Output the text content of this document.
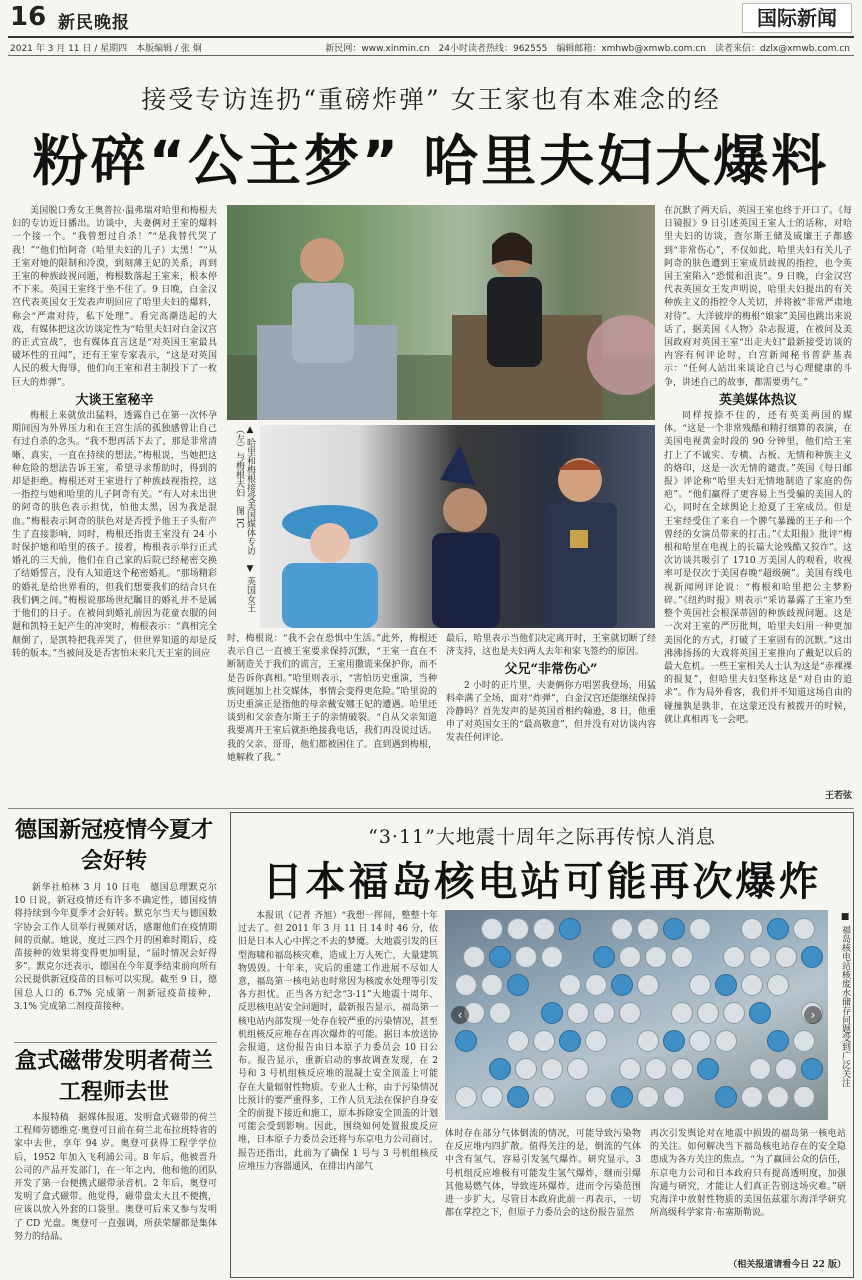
16 新民晚报	国际新闻
2021 年 3 月 11 日 / 星期四　本版编辑 / 张 炯	新民网：www.xinmin.cn　24小时读者热线：962555　编辑邮箱：xmhwb@xmwb.com.cn　读者来信：dzlx@xmwb.com.cn
接受专访连扔“重磅炸弹” 女王家也有本难念的经
粉碎“公主梦” 哈里夫妇大爆料

美国脱口秀女王奥普拉·温弗瑞对哈里和梅根夫妇的专访近日播出。访谈中，夫妻俩对王室的爆料一个接一个。“我曾想过自杀！”“是我替代哭了我！”“他们怕阿奇（哈里夫妇的儿子）太黑！”“从王室对她的限制和冷漠，到刻薄王妃的关系，再到王室的种族歧视问题，梅根数落起王室来，根本停不下来。英国王室终于坐不住了。9 日晚，白金汉宫代表英国女王发表声明回应了哈里夫妇的爆料，称会“严肃对待，私下处理”。看完高潮迭起的大戏，有媒体把这次访谈定性为“哈里夫妇对白金汉宫的正式宣战”，也有媒体直言这是“对英国王室最具破坏性的丑闻”，还有王室专家表示，“这是对英国人民的极大侮辱，他们向王室和君主制投下了一枚巨大的炸弹”。

大谈王室秘辛

梅根上来就放出猛料，透露自己在第一次怀孕期间因为外界压力和在王宫生活的孤独感曾让自己有过自杀的念头。“我不想再活下去了，那是非常清晰、真实，一直在持续的想法。”梅根说，当她把这种危险的想法告诉王室，希望寻求帮助时，得到的却是拒绝。梅根还对王室进行了种族歧视指控，这一指控与她和哈里的儿子阿奇有关。“有人对未出世的阿奇的肤色表示担忧，怕他太黑，因为我是混血。”梅根表示阿奇的肤色对是否授予他王子头衔产生了直接影响，同时，梅根还指责王室没有 24 小时保护她和哈里的孩子。接着，梅根表示举行正式婚礼的三天前，他们在自己家的后院已经秘密交换了结婚誓言，没有人知道这个秘密婚礼。“那场精彩的婚礼是给世界看的，但我们想要我们的结合只在我们俩之间。”梅根说那场世纪瞩目的婚礼并不是属于他们的日子。在被问到婚礼前因为花童衣服的问题和凯特王妃产生的冲突时，梅根表示：“真相完全颠倒了，是凯特把我弄哭了，但世界知道的却是反转的版本。”当被问及是否害怕未来几天王室的回应

▲ 哈里和梅根接受美国媒体专访　▼ 英国女王（左）与梅根夫妇　图 IC

时，梅根说：“我不会在恐惧中生活。”此外，梅根还表示自己一直被王室要求保持沉默，“王室一直在不断制造关于我们的谎言，王室用撒谎来保护你，而不是告诉你真相。”哈里则表示，“害怕历史重演，当种族问题加上社交媒体，事情会变得更危险。”哈里说的历史重演正是指他的母亲戴安娜王妃的遭遇。哈里还谈到和父亲查尔斯王子的亲情破裂。“自从父亲知道我要离开王室后就拒绝接我电话，我们再没说过话。我的父亲、哥哥，他们都被困住了。直到遇到梅根，她解救了我。”

最后，哈里表示当他们决定离开时，王室就切断了经济支持，这也是夫妇两人去年和家飞签约的原因。

父兄“非常伤心”

2 小时的正片里，夫妻俩你方唱罢我登场，用猛料牵满了全场，面对“炸弹”，白金汉宫还能继续保持冷静吗？首先发声的是英国首相约翰逊，8 日，他重申了对英国女王的“最高敬意”，但并没有对访谈内容发表任何评论。

在沉默了两天后，英国王室也终于开口了。《每日镜报》9 日引述英国王室人士的话称，对哈里夫妇的访谈，查尔斯王储及威廉王子都感到“非常伤心”，不仅如此，哈里夫妇有关儿子阿奇的肤色遭到王室成员歧视的指控，也令英国王室陷入“恐慌和沮丧”。9 日晚，白金汉宫代表英国女王发声明说，哈里夫妇提出的有关种族主义的指控令人关切，并将被“非常严肃地对待”。大洋彼岸的梅根“娘家”美国也跳出来说话了，据美国《人物》杂志报道，在被问及美国政府对英国王室“出走夫妇”最新接受访谈的内容有何评论时，白宫新闻秘书普萨基表示：“任何人站出来谈论自己与心理健康的斗争，讲述自己的故事，都需要勇气。”

英美媒体热议

同样按捺不住的，还有英美两国的媒体。“这是一个非常残酷和精打细算的表演，在美国电视黄金时段的 90 分钟里，他们给王室打上了不诚实、专横、古板、无情和种族主义的烙印，这是一次无情的谴责。”英国《每日邮报》评论称“哈里夫妇无情地制造了家庭的伤疤”。“他们赢得了更容易上当受骗的美国人的心，同时在全球舆论上抢夏了王室成员。但是王室经受住了来自一个脾气暴躁的王子和一个曾经的女演员带来的打击。”《太阳报》批评“梅根和哈里在电视上的长篇大论残酷又狡诈”。这次访谈共吸引了 1710 万美国人的观看，收视率可是仅次于美国春晚“超级碗”。美国有线电视新闻网评论说：“梅根和哈里把公主梦粉碎。”《纽约时报》则表示“采访暴露了王室乃至整个英国社会根深蒂固的种族歧视问题。这是一次对王室的严厉批判，哈里夫妇用一种更加美国化的方式，打破了王室固有的沉默。”这出沸沸扬扬的大戏将英国王室推向了戴妃以后的最大危机。一些王室相关人士认为这是“赤裸裸的报复”，但哈里夫妇坚称这是“对自由的追求”。作为局外看客，我们并不知道这场自由的碰撞孰是孰非，在这蒙还没有被拨开的时候，就让真相再飞一会吧。

王若弦
德国新冠疫情今夏才会好转

新华社柏林 3 月 10 日电　德国总理默克尔 10 日说，新冠疫情还有许多不确定性，德国疫情将持续到今年夏季才会好转。默克尔当天与德国数字协会工作人员举行视频对话，感谢他们在疫情期间的贡献。她说，度过三四个月的困难时期后，疫苗接种的效果将变得更加明显，“届时情况会好得多”。默克尔还表示，德国在今年夏季结束前向所有公民提供新冠疫苗的目标可以实现。截至 9 日，德国总人口的 6.7% 完成第一剂新冠疫苗接种，3.1% 完成第二剂疫苗接种。

盒式磁带发明者荷兰工程师去世

本报特稿　据媒体报道，发明盒式磁带的荷兰工程师劳德维克·奥登可日前在荷兰北布拉班特省的家中去世，享年 94 岁。奥登可获得工程学学位后，1952 年加入飞利浦公司。8 年后，他被晋升公司的产品开发部门，在一年之内，他和他的团队开发了第一台便携式磁带录音机。2 年后，奥登可发明了盒式磁带。他觉得，磁带盘太大且不便携，应该以放入外套的口袋里。奥登可后来又参与发明了 CD 光盘。奥登可一直强调，所获荣耀都是集体努力的结晶。

“3·11”大地震十周年之际再传惊人消息
日本福岛核电站可能再次爆炸

本报讯（记者 齐旭）“我想一挥间，整整十年过去了。但 2011 年 3 月 11 日 14 时 46 分，依旧是日本人心中挥之不去的梦魇。大地震引发的巨型海啸和福岛核灾难，造成上万人死亡，大量建筑物毁毁。十年来，灾后的重建工作进展不尽如人意，福岛第一核电站也时常因为核废水处理等引发各方担忧。正当各方纪念“3·11”大地震十周年、反思核电站安全问题时，最新报告显示，福岛第一核电站内部发现一处存在较严重的污染情况，甚至机组核反应堆存在再次爆炸的可能。据日本放送协会报道，这份报告由日本原子力委员会 10 日公布。报告显示，重新启动的事故调查发现，在 2 号和 3 号机组核反应堆的混凝土安全顶盖上可能存在大量辐射性物质。专业人士称，由于污染情况比预计的要严重得多，工作人员无法在保护自身安全的前提下接近和施工，原本拆除安全顶盖的计划可能会受到影响。因此，围绕如何处置报废反应堆，日本原子力委员会还将与东京电力公司商讨。报告还指出，此前为了确保 1 号与 3 号机组核反应堆压力容器通风，在排出内部气

‹	›	■ 福岛核电站核废水储存问题受到广泛关注

体时存在部分气体倒流的情况，可能导致污染物在反应堆内四扩散。值得关注的是，倒流的气体中含有氢气，容易引发氢气爆炸。研究显示，3 号机组反应堆极有可能发生氢气爆炸，继而引爆其他易燃气体，导致连环爆炸，进而令污染范围进一步扩大。尽管日本政府此前一再表示，一切都在掌控之下，但原子力委员会的这份报告显然

再次引发舆论对在地震中损毁的福岛第一核电站的关注。如何解决当下福岛核电站存在的安全隐患成为各方关注的焦点。“为了赢回公众的信任，东京电力公司和日本政府只有提高透明度，加强沟通与研究，才能让人们真正告别这场灾难。”研究海洋中放射性物质的美国伍兹霍尔海洋学研究所高级科学家肯·布塞斯勒说。

（相关报道请看今日 22 版）
